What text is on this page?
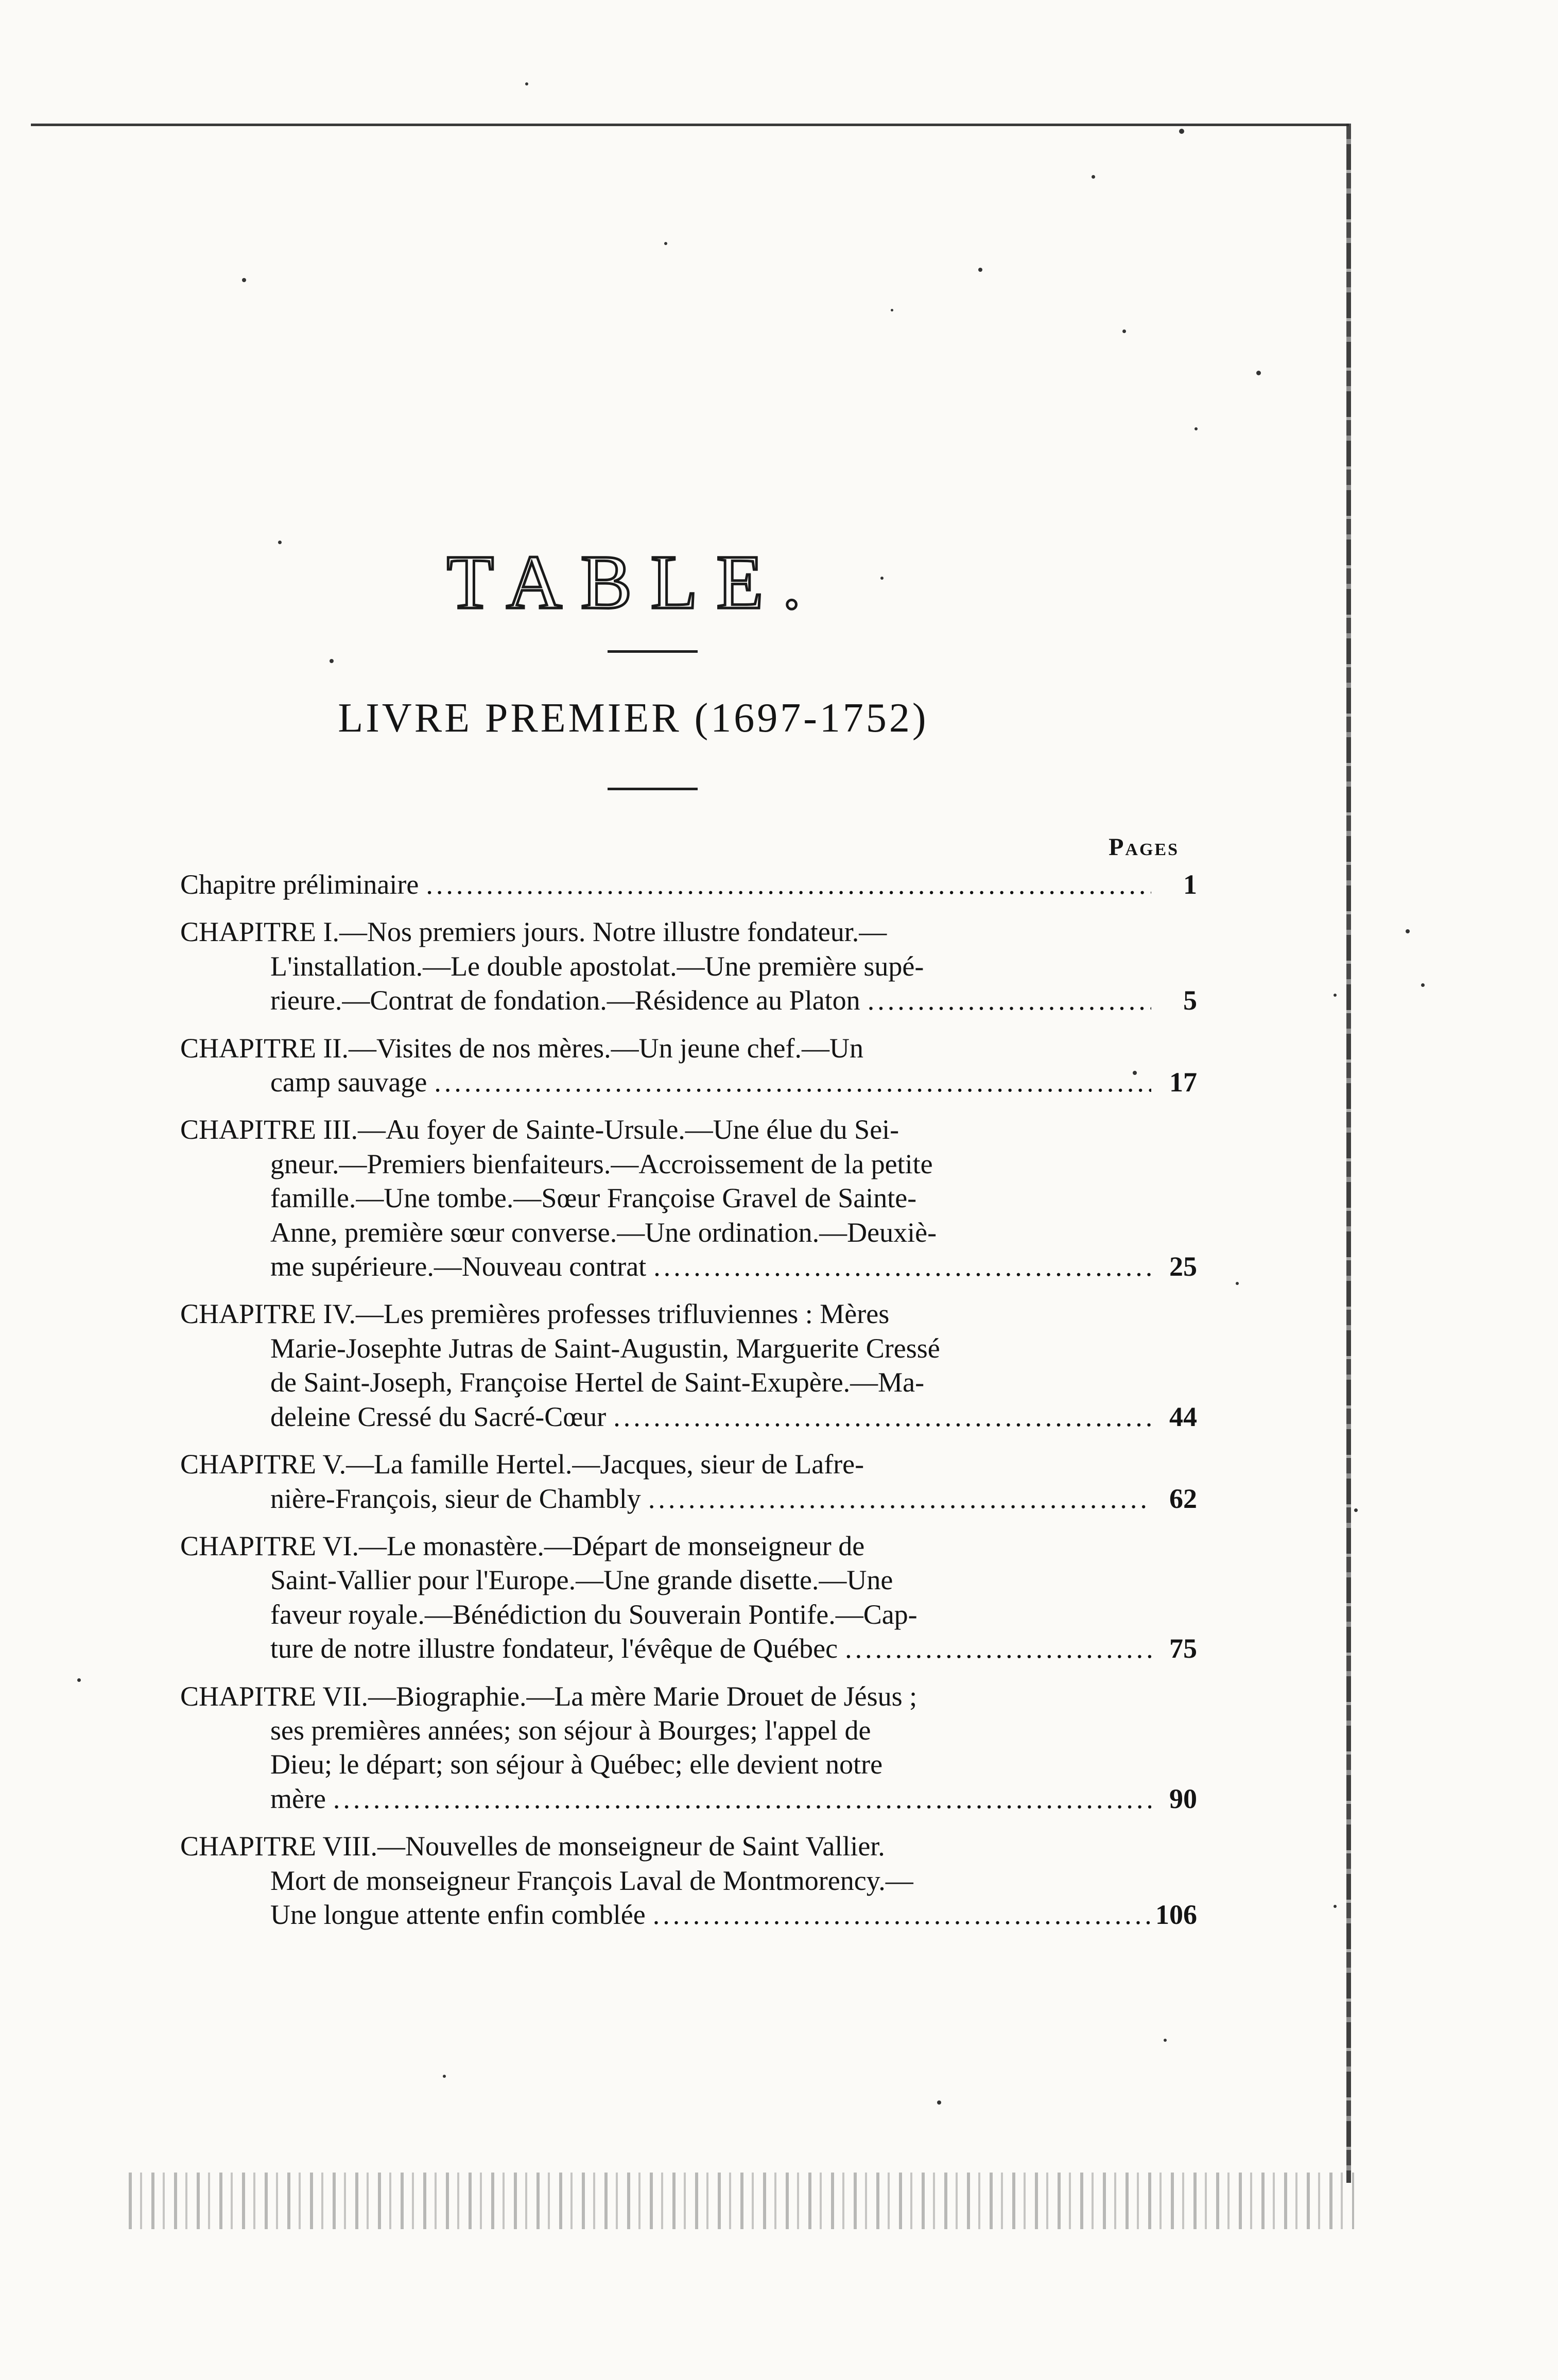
TABLE.
LIVRE PREMIER (1697-1752)
Pages
Chapitre préliminaire .....	1
CHAPITRE I.—Nos premiers jours. Notre illustre fondateur.—
L'installation.—Le double apostolat.—Une première supé-
rieure.—Contrat de fondation.—Résidence au Platon .....	5
CHAPITRE II.—Visites de nos mères.—Un jeune chef.—Un
camp sauvage .....	17
CHAPITRE III.—Au foyer de Sainte-Ursule.—Une élue du Sei-
gneur.—Premiers bienfaiteurs.—Accroissement de la petite
famille.—Une tombe.—Sœur Françoise Gravel de Sainte-
Anne, première sœur converse.—Une ordination.—Deuxiè-
me supérieure.—Nouveau contrat .....	25
CHAPITRE IV.—Les premières professes trifluviennes : Mères
Marie-Josephte Jutras de Saint-Augustin, Marguerite Cressé
de Saint-Joseph, Françoise Hertel de Saint-Exupère.—Ma-
deleine Cressé du Sacré-Cœur .....	44
CHAPITRE V.—La famille Hertel.—Jacques, sieur de Lafre-
nière-François, sieur de Chambly .....	62
CHAPITRE VI.—Le monastère.—Départ de monseigneur de
Saint-Vallier pour l'Europe.—Une grande disette.—Une
faveur royale.—Bénédiction du Souverain Pontife.—Cap-
ture de notre illustre fondateur, l'évêque de Québec .....	75
CHAPITRE VII.—Biographie.—La mère Marie Drouet de Jésus ;
ses premières années; son séjour à Bourges; l'appel de
Dieu; le départ; son séjour à Québec; elle devient notre
mère .....	90
CHAPITRE VIII.—Nouvelles de monseigneur de Saint Vallier.
Mort de monseigneur François Laval de Montmorency.—
Une longue attente enfin comblée .....	106
